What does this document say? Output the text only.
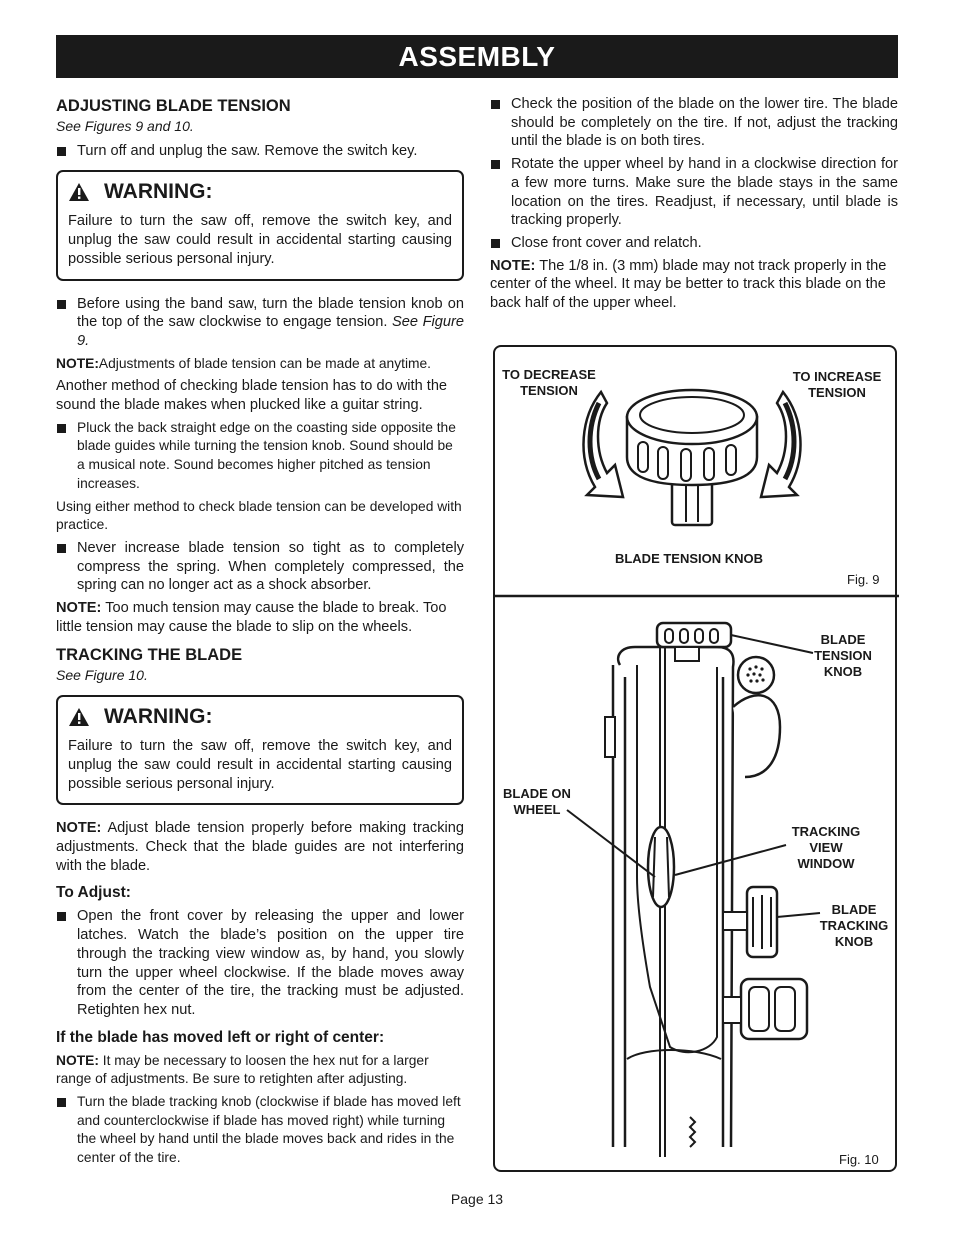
ASSEMBLY
ADJUSTING BLADE TENSION
See Figures 9 and 10.
Turn off and unplug the saw. Remove the switch key.
WARNING:
Failure to turn the saw off, remove the switch key, and unplug the saw could result in accidental starting causing possible serious personal injury.
Before using the band saw, turn the blade tension knob on the top of the saw clockwise to engage tension. See Figure 9.

NOTE:Adjustments of blade tension can be made at anytime.

Another method of checking blade tension has to do with the sound the blade makes when plucked like a guitar string.

Pluck the back straight edge on the coasting side opposite the blade guides while turning the tension knob. Sound should be a musical note. Sound becomes higher pitched as tension increases.

Using either method to check blade tension can be developed with practice.

Never increase blade tension so tight as to completely compress the spring. When completely compressed, the spring can no longer act as a shock absorber.

NOTE: Too much tension may cause the blade to break. Too little tension may cause the blade to slip on the wheels.

TRACKING THE BLADE
See Figure 10.
WARNING:
Failure to turn the saw off, remove the switch key, and unplug the saw could result in accidental starting causing possible serious personal injury.

NOTE: Adjust blade tension properly before making tracking adjustments. Check that the blade guides are not interfering with the blade.

To Adjust:
Open the front cover by releasing the upper and lower latches. Watch the blade’s position on the upper tire through the tracking view window as, by hand, you slowly turn the upper wheel clockwise. If the blade moves away from the center of the tire, the tracking must be adjusted. Retighten hex nut.
If the blade has moved left or right of center:

NOTE: It may be necessary to loosen the hex nut for a larger range of adjustments. Be sure to retighten after adjusting.

Turn the blade tracking knob (clockwise if blade has moved left and counterclockwise if blade has moved right) while turning the wheel by hand until the blade moves back and rides in the center of the tire.
Check the position of the blade on the lower tire. The blade should be completely on the tire. If not, adjust the tracking until the blade is on both tires.
Rotate the upper wheel by hand in a clockwise direction for a few more turns. Make sure the blade stays in the same location on the tires. Readjust, if necessary, until blade is tracking properly.
Close front cover and relatch.

NOTE: The 1/8 in. (3 mm) blade may not track properly in the center of the wheel. It may be better to track this blade on the back half of the upper wheel.

TO DECREASE
TENSION
TO INCREASE
TENSION
BLADE TENSION KNOB
Fig. 9
BLADE
TENSION
KNOB
BLADE ON
WHEEL
TRACKING
VIEW
WINDOW
BLADE
TRACKING
KNOB
Fig. 10
Page 13
